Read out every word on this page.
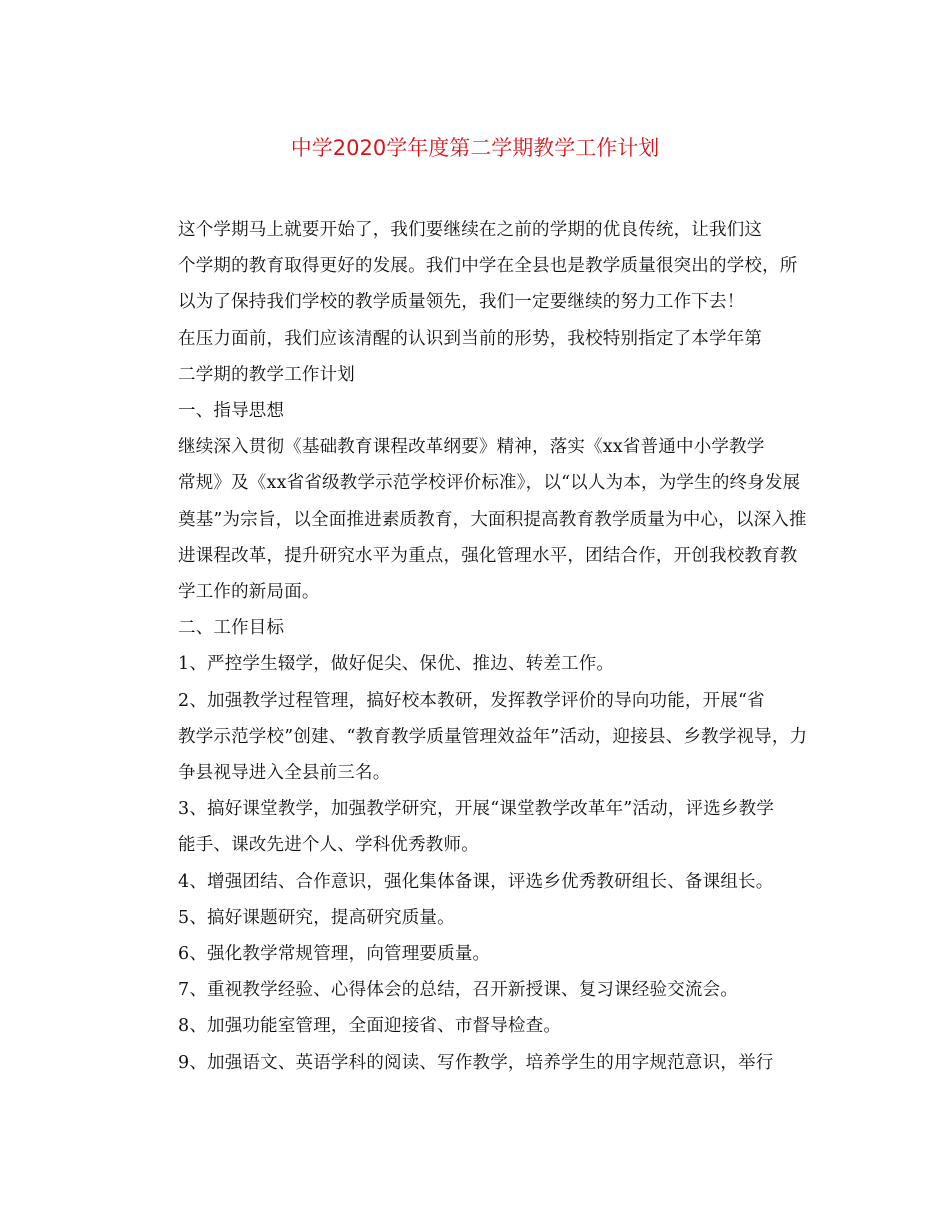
中学2020学年度第二学期教学工作计划

这个学期马上就要开始了，我们要继续在之前的学期的优良传统，让我们这
个学期的教育取得更好的发展。我们中学在全县也是教学质量很突出的学校，所
以为了保持我们学校的教学质量领先，我们一定要继续的努力工作下去！

在压力面前，我们应该清醒的认识到当前的形势，我校特别指定了本学年第
二学期的教学工作计划

一、指导思想

继续深入贯彻《基础教育课程改革纲要》精神，落实《xx省普通中小学教学
常规》及《xx省省级教学示范学校评价标准》，以“以人为本，为学生的终身发展
奠基”为宗旨，以全面推进素质教育，大面积提高教育教学质量为中心，以深入推
进课程改革，提升研究水平为重点，强化管理水平，团结合作，开创我校教育教
学工作的新局面。

二、工作目标

1、严控学生辍学，做好促尖、保优、推边、转差工作。

2、加强教学过程管理，搞好校本教研，发挥教学评价的导向功能，开展“省
教学示范学校”创建、“教育教学质量管理效益年”活动，迎接县、乡教学视导，力
争县视导进入全县前三名。

3、搞好课堂教学，加强教学研究，开展“课堂教学改革年”活动，评选乡教学
能手、课改先进个人、学科优秀教师。

4、增强团结、合作意识，强化集体备课，评选乡优秀教研组长、备课组长。

5、搞好课题研究，提高研究质量。

6、强化教学常规管理，向管理要质量。

7、重视教学经验、心得体会的总结，召开新授课、复习课经验交流会。

8、加强功能室管理，全面迎接省、市督导检查。

9、加强语文、英语学科的阅读、写作教学，培养学生的用字规范意识，举行
